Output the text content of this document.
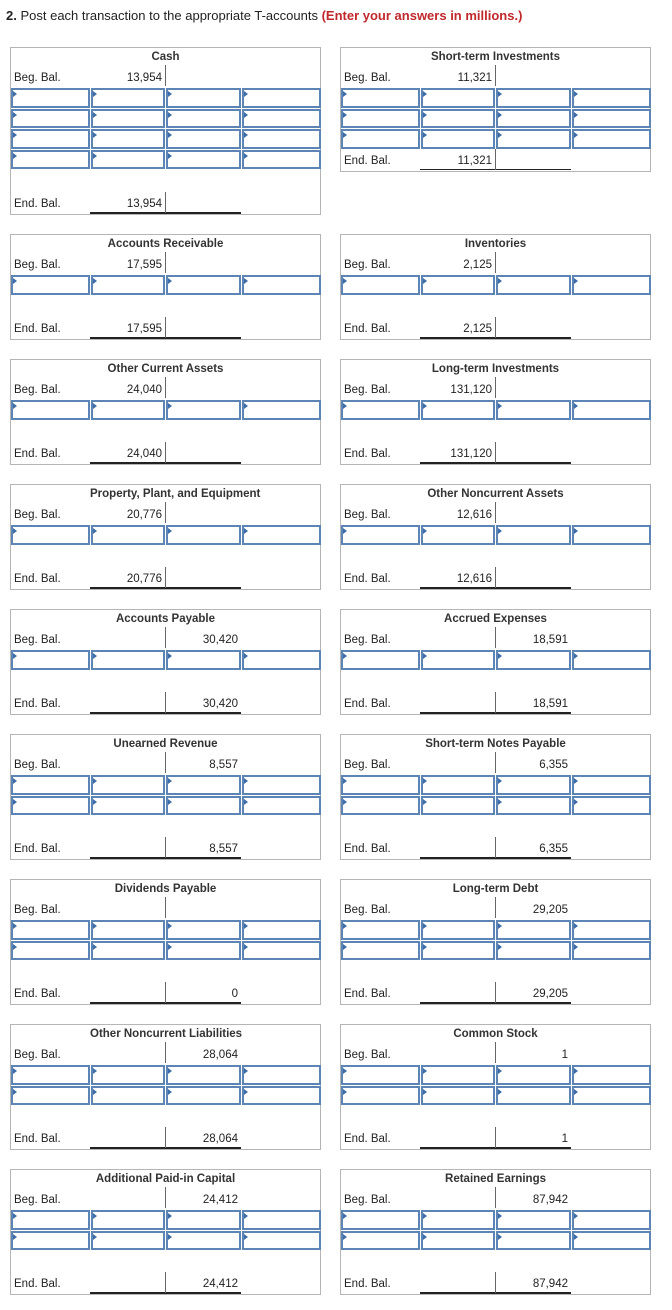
2. Post each transaction to the appropriate T-accounts (Enter your answers in millions.)
Cash
Beg. Bal.	13,954
End. Bal.	13,954
Short-term Investments
Beg. Bal.	11,321
End. Bal.	11,321
Accounts Receivable
Beg. Bal.	17,595
End. Bal.	17,595
Inventories
Beg. Bal.	2,125
End. Bal.	2,125
Other Current Assets
Beg. Bal.	24,040
End. Bal.	24,040
Long-term Investments
Beg. Bal.	131,120
End. Bal.	131,120
Property, Plant, and Equipment
Beg. Bal.	20,776
End. Bal.	20,776
Other Noncurrent Assets
Beg. Bal.	12,616
End. Bal.	12,616
Accounts Payable
Beg. Bal.	30,420
End. Bal.	30,420
Accrued Expenses
Beg. Bal.	18,591
End. Bal.	18,591
Unearned Revenue
Beg. Bal.	8,557
End. Bal.	8,557
Short-term Notes Payable
Beg. Bal.	6,355
End. Bal.	6,355
Dividends Payable
Beg. Bal.
End. Bal.	0
Long-term Debt
Beg. Bal.	29,205
End. Bal.	29,205
Other Noncurrent Liabilities
Beg. Bal.	28,064
End. Bal.	28,064
Common Stock
Beg. Bal.	1
End. Bal.	1
Additional Paid-in Capital
Beg. Bal.	24,412
End. Bal.	24,412
Retained Earnings
Beg. Bal.	87,942
End. Bal.	87,942
